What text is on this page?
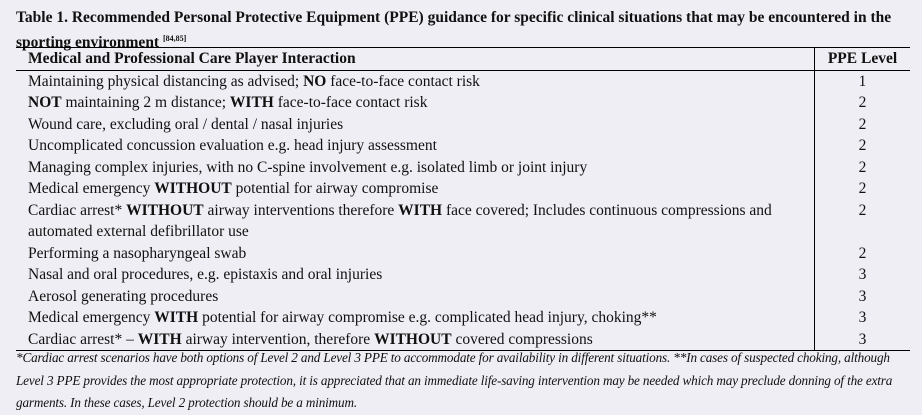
Table 1. Recommended Personal Protective Equipment (PPE) guidance for specific clinical situations that may be encountered in the sporting environment [84,85]
Medical and Professional Care Player Interaction	PPE Level
Maintaining physical distancing as advised; NO face-to-face contact risk	1
NOT maintaining 2 m distance; WITH face-to-face contact risk	2
Wound care, excluding oral / dental / nasal injuries	2
Uncomplicated concussion evaluation e.g. head injury assessment	2
Managing complex injuries, with no C-spine involvement e.g. isolated limb or joint injury	2
Medical emergency WITHOUT potential for airway compromise	2
Cardiac arrest* WITHOUT airway interventions therefore WITH face covered; Includes continuous compressions and automated external defibrillator use	2
Performing a nasopharyngeal swab	2
Nasal and oral procedures, e.g. epistaxis and oral injuries	3
Aerosol generating procedures	3
Medical emergency WITH potential for airway compromise e.g. complicated head injury, choking**	3
Cardiac arrest* – WITH airway intervention, therefore WITHOUT covered compressions	3
*Cardiac arrest scenarios have both options of Level 2 and Level 3 PPE to accommodate for availability in different situations. **In cases of suspected choking, although Level 3 PPE provides the most appropriate protection, it is appreciated that an immediate life-saving intervention may be needed which may preclude donning of the extra garments. In these cases, Level 2 protection should be a minimum.
